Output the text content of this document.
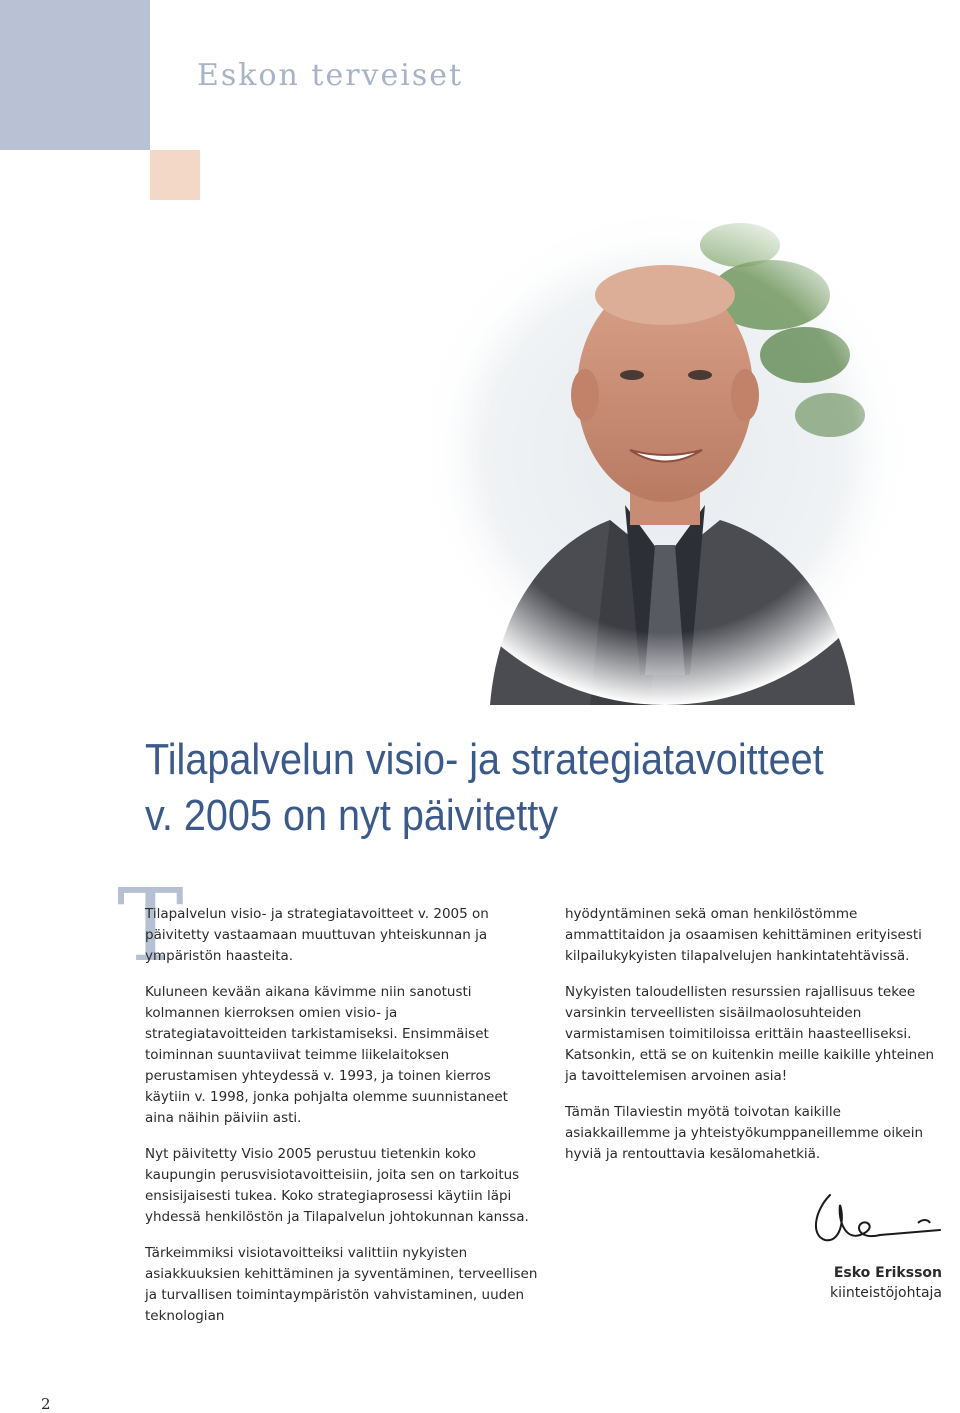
Eskon terveiset
Tilapalvelun visio- ja strategiatavoitteet
v. 2005 on nyt päivitetty
T

Tilapalvelun visio- ja strategiatavoitteet v. 2005 on päivitetty vastaamaan muuttuvan yhteiskunnan ja ympäristön haasteita.

Kuluneen kevään aikana kävimme niin sanotusti kolmannen kierroksen omien visio- ja strategiatavoitteiden tarkistamiseksi. Ensimmäiset toiminnan suuntaviivat teimme liikelaitoksen perustamisen yhteydessä v. 1993, ja toinen kierros käytiin v. 1998, jonka pohjalta olemme suunnistaneet aina näihin päiviin asti.

Nyt päivitetty Visio 2005 perustuu tietenkin koko kaupungin perusvisiotavoitteisiin, joita sen on tarkoitus ensisijaisesti tukea. Koko strategiaprosessi käytiin läpi yhdessä henkilöstön ja Tilapalvelun johtokunnan kanssa.

Tärkeimmiksi visiotavoitteiksi valittiin nykyisten asiakkuuksien kehittäminen ja syventäminen, terveellisen ja turvallisen toimintaympäristön vahvistaminen, uuden teknologian

hyödyntäminen sekä oman henkilöstömme ammattitaidon ja osaamisen kehittäminen erityisesti kilpailukykyisten tilapalvelujen hankintatehtävissä.

Nykyisten taloudellisten resurssien rajallisuus tekee varsinkin terveellisten sisäilmaolosuhteiden varmistamisen toimitiloissa erittäin haasteelliseksi. Katsonkin, että se on kuitenkin meille kaikille yhteinen ja tavoittelemisen arvoinen asia!

Tämän Tilaviestin myötä toivotan kaikille asiakkaillemme ja yhteistyökumppaneillemme oikein hyviä ja rentouttavia kesälomahetkiä.

Esko Eriksson
kiinteistöjohtaja
2
